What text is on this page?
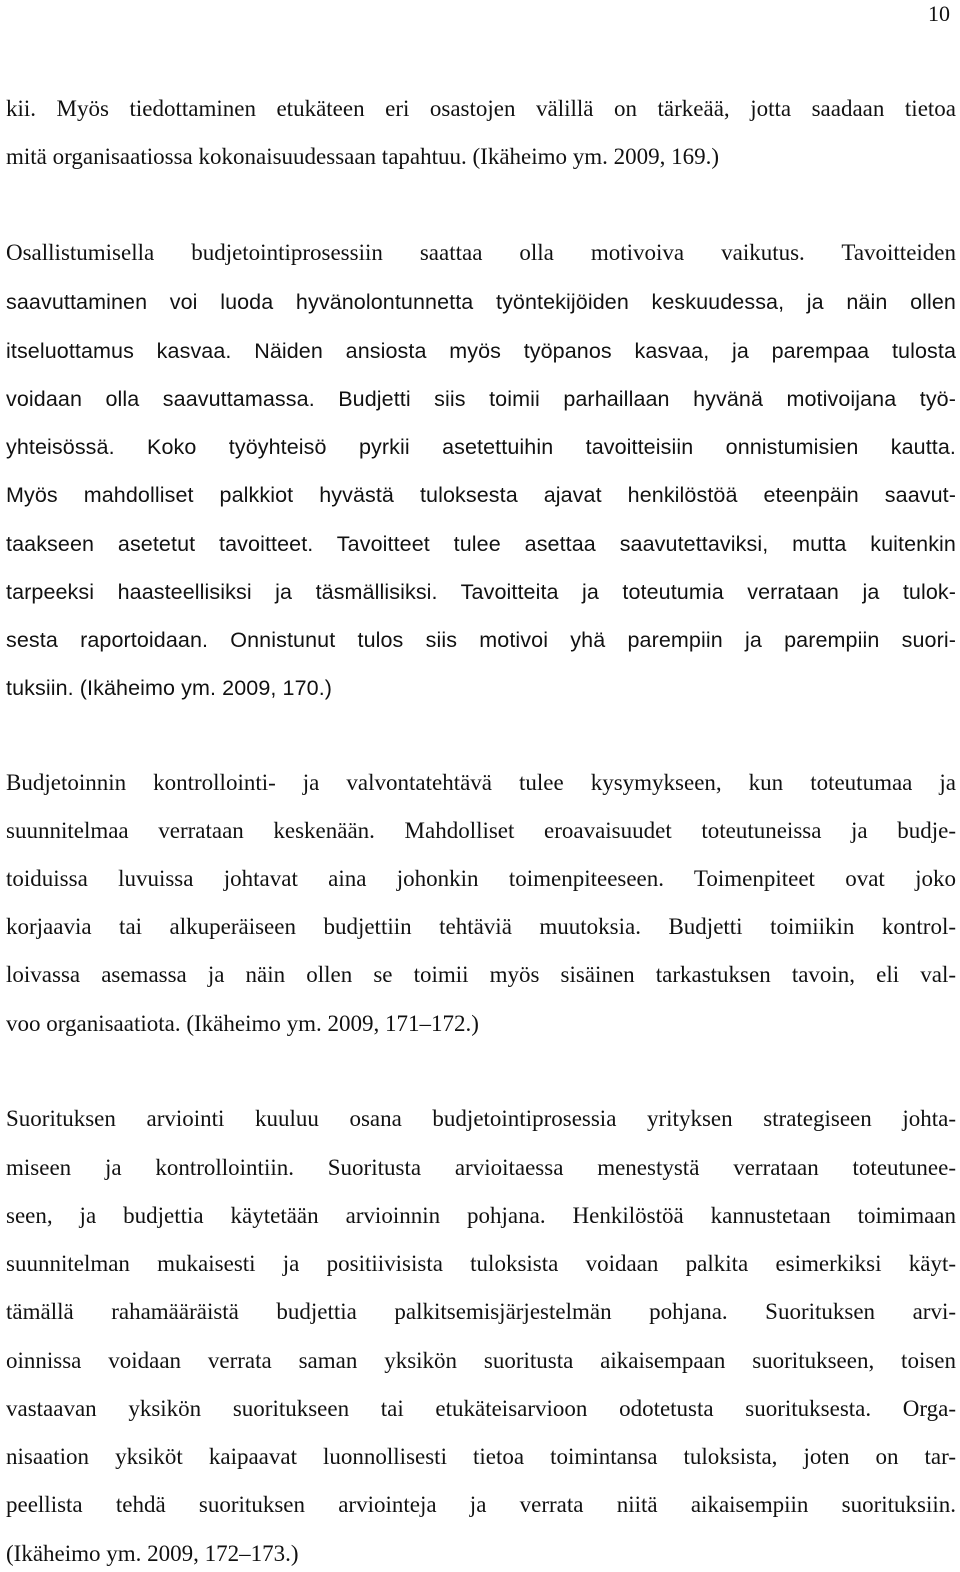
10
kii. Myös tiedottaminen etukäteen eri osastojen välillä on tärkeää, jotta saadaan tietoa
mitä organisaatiossa kokonaisuudessaan tapahtuu. (Ikäheimo ym. 2009, 169.)
Osallistumisella budjetointiprosessiin saattaa olla motivoiva vaikutus. Tavoitteiden
saavuttaminen voi luoda hyvänolontunnetta työntekijöiden keskuudessa, ja näin ollen
itseluottamus kasvaa. Näiden ansiosta myös työpanos kasvaa, ja parempaa tulosta
voidaan olla saavuttamassa. Budjetti siis toimii parhaillaan hyvänä motivoijana työ-
yhteisössä. Koko työyhteisö pyrkii asetettuihin tavoitteisiin onnistumisien kautta.
Myös mahdolliset palkkiot hyvästä tuloksesta ajavat henkilöstöä eteenpäin saavut-
taakseen asetetut tavoitteet. Tavoitteet tulee asettaa saavutettaviksi, mutta kuitenkin
tarpeeksi haasteellisiksi ja täsmällisiksi. Tavoitteita ja toteutumia verrataan ja tulok-
sesta raportoidaan. Onnistunut tulos siis motivoi yhä parempiin ja parempiin suori-
tuksiin. (Ikäheimo ym. 2009, 170.)
Budjetoinnin kontrollointi- ja valvontatehtävä tulee kysymykseen, kun toteutumaa ja
suunnitelmaa verrataan keskenään. Mahdolliset eroavaisuudet toteutuneissa ja budje-
toiduissa luvuissa johtavat aina johonkin toimenpiteeseen. Toimenpiteet ovat joko
korjaavia tai alkuperäiseen budjettiin tehtäviä muutoksia. Budjetti toimiikin kontrol-
loivassa asemassa ja näin ollen se toimii myös sisäinen tarkastuksen tavoin, eli val-
voo organisaatiota. (Ikäheimo ym. 2009, 171–172.)
Suorituksen arviointi kuuluu osana budjetointiprosessia yrityksen strategiseen johta-
miseen ja kontrollointiin. Suoritusta arvioitaessa menestystä verrataan toteutunee-
seen, ja budjettia käytetään arvioinnin pohjana. Henkilöstöä kannustetaan toimimaan
suunnitelman mukaisesti ja positiivisista tuloksista voidaan palkita esimerkiksi käyt-
tämällä rahamääräistä budjettia palkitsemisjärjestelmän pohjana. Suorituksen arvi-
oinnissa voidaan verrata saman yksikön suoritusta aikaisempaan suoritukseen, toisen
vastaavan yksikön suoritukseen tai etukäteisarvioon odotetusta suorituksesta. Orga-
nisaation yksiköt kaipaavat luonnollisesti tietoa toimintansa tuloksista, joten on tar-
peellista tehdä suorituksen arviointeja ja verrata niitä aikaisempiin suorituksiin.
(Ikäheimo ym. 2009, 172–173.)
